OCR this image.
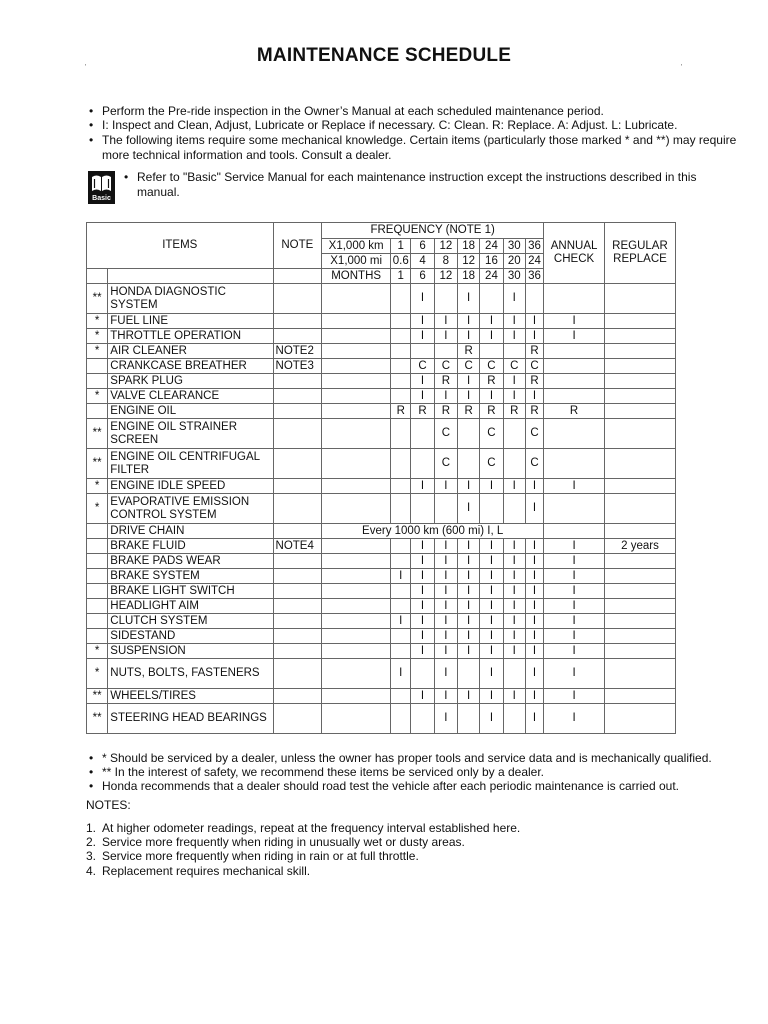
MAINTENANCE SCHEDULE
ˈ	ˈ
• Perform the Pre-ride inspection in the Owner’s Manual at each scheduled maintenance period.
• I: Inspect and Clean, Adjust, Lubricate or Replace if necessary. C: Clean. R: Replace. A: Adjust. L: Lubricate.
• The following items require some mechanical knowledge. Certain items (particularly those marked * and **) may require more technical information and tools. Consult a dealer.
Basic
• Refer to "Basic" Service Manual for each maintenance instruction except the instructions described in this manual.
ITEMS		NOTE	FREQUENCY (NOTE 1)								ANNUAL CHECK	REGULAR REPLACE
			X1,000 km	1	6	12	18	24	30	36		
			X1,000 mi	0.6	4	8	12	16	20	24		
			MONTHS	1	6	12	18	24	30	36		
**	HONDA DIAGNOSTIC SYSTEM				I		I		I			
*	FUEL LINE				I	I	I	I	I	I	I	
*	THROTTLE OPERATION				I	I	I	I	I	I	I	
*	AIR CLEANER	NOTE2					R			R		
	CRANKCASE BREATHER	NOTE3			C	C	C	C	C	C		
	SPARK PLUG				I	R	I	R	I	R		
*	VALVE CLEARANCE				I	I	I	I	I	I		
	ENGINE OIL			R	R	R	R	R	R	R	R	
**	ENGINE OIL STRAINER SCREEN					C		C		C		
**	ENGINE OIL CENTRIFUGAL FILTER					C		C		C		
*	ENGINE IDLE SPEED				I	I	I	I	I	I	I	
*	EVAPORATIVE EMISSION CONTROL SYSTEM						I			I		
	DRIVE CHAIN		Every 1000 km (600 mi) I, L									
	BRAKE FLUID	NOTE4			I	I	I	I	I	I	I	2 years
	BRAKE PADS WEAR				I	I	I	I	I	I	I	
	BRAKE SYSTEM			I	I	I	I	I	I	I	I	
	BRAKE LIGHT SWITCH				I	I	I	I	I	I	I	
	HEADLIGHT AIM				I	I	I	I	I	I	I	
	CLUTCH SYSTEM			I	I	I	I	I	I	I	I	
	SIDESTAND				I	I	I	I	I	I	I	
*	SUSPENSION				I	I	I	I	I	I	I	
*	NUTS, BOLTS, FASTENERS			I		I		I		I	I	
**	WHEELS/TIRES				I	I	I	I	I	I	I	
**	STEERING HEAD BEARINGS					I		I		I	I	
• * Should be serviced by a dealer, unless the owner has proper tools and service data and is mechanically qualified.
• ** In the interest of safety, we recommend these items be serviced only by a dealer.
• Honda recommends that a dealer should road test the vehicle after each periodic maintenance is carried out.
NOTES:
1. At higher odometer readings, repeat at the frequency interval established here.
2. Service more frequently when riding in unusually wet or dusty areas.
3. Service more frequently when riding in rain or at full throttle.
4. Replacement requires mechanical skill.
